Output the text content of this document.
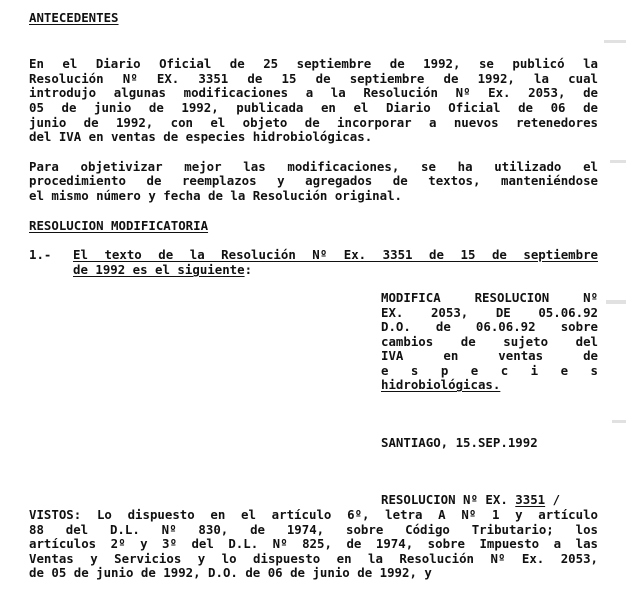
ANTECEDENTES
En el Diario Oficial de 25 septiembre de 1992, se publicó la
Resolución Nº EX. 3351 de 15 de septiembre de 1992, la cual
introdujo algunas modificaciones a la Resolución Nº Ex. 2053, de
05 de junio de 1992, publicada en el Diario Oficial de 06 de
junio de 1992, con el objeto de incorporar a nuevos retenedores
del IVA en ventas de especies hidrobiológicas.
Para objetivizar mejor las modificaciones, se ha utilizado el
procedimiento de reemplazos y agregados de textos, manteniéndose
el mismo número y fecha de la Resolución original.
RESOLUCION MODIFICATORIA
1.- El texto de la Resolución Nº Ex. 3351 de 15 de septiembre
de 1992 es el siguiente:
MODIFICA RESOLUCION Nº
EX. 2053, DE 05.06.92
D.O. de 06.06.92 sobre
cambios de sujeto del
IVA en ventas de
e s p e c i e s
hidrobiológicas.
SANTIAGO, 15.SEP.1992
RESOLUCION Nº EX. 3351 /
VISTOS: Lo dispuesto en el artículo 6º, letra A Nº 1 y artículo
88 del D.L. Nº 830, de 1974, sobre Código Tributario; los
artículos 2º y 3º del D.L. Nº 825, de 1974, sobre Impuesto a las
Ventas y Servicios y lo dispuesto en la Resolución Nº Ex. 2053,
de 05 de junio de 1992, D.O. de 06 de junio de 1992, y
